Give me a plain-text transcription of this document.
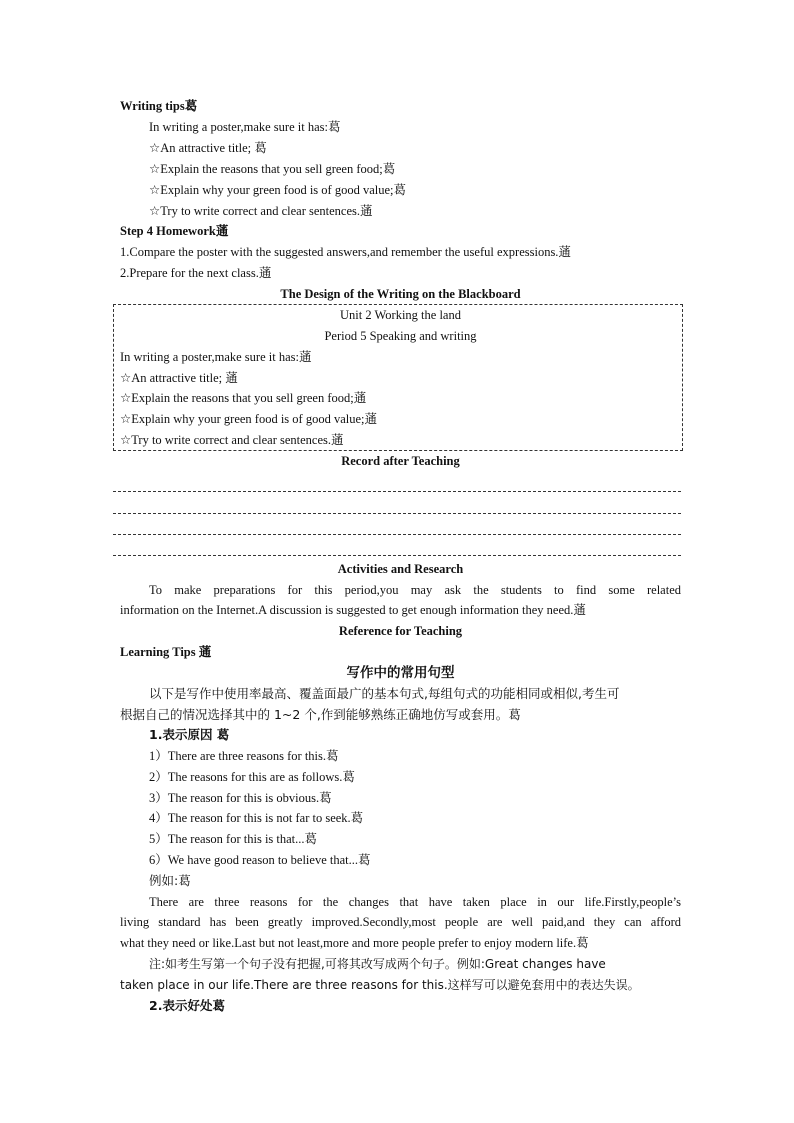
Writing tips葛
In writing a poster,make sure it has:葛
☆An attractive title; 葛
☆Explain the reasons that you sell green food;葛
☆Explain why your green food is of good value;葛
☆Try to write correct and clear sentences.蓪
Step 4 Homework蓪
1.Compare the poster with the suggested answers,and remember the useful expressions.蓪
2.Prepare for the next class.蓪
The Design of the Writing on the Blackboard
Unit 2 Working the land
Period 5 Speaking and writing
In writing a poster,make sure it has:蓪
☆An attractive title; 蓪
☆Explain the reasons that you sell green food;蓪
☆Explain why your green food is of good value;蓪
☆Try to write correct and clear sentences.蓪
Record after Teaching
Activities and Research
To make preparations for this period,you may ask the students to find some related
information on the Internet.A discussion is suggested to get enough information they need.蓪
Reference for Teaching
Learning Tips 蓪
写作中的常用句型
以下是写作中使用率最高、覆盖面最广的基本句式,每组句式的功能相同或相似,考生可
根据自己的情况选择其中的 1~2 个,作到能够熟练正确地仿写或套用。葛
1.表示原因 葛
1）There are three reasons for this.葛
2）The reasons for this are as follows.葛
3）The reason for this is obvious.葛
4）The reason for this is not far to seek.葛
5）The reason for this is that...葛
6）We have good reason to believe that...葛
例如:葛
There are three reasons for the changes that have taken place in our life.Firstly,people’s
living standard has been greatly improved.Secondly,most people are well paid,and they can afford
what they need or like.Last but not least,more and more people prefer to enjoy modern life.葛
注:如考生写第一个句子没有把握,可将其改写成两个句子。例如:Great changes have
taken place in our life.There are three reasons for this.这样写可以避免套用中的表达失误。
2.表示好处葛
